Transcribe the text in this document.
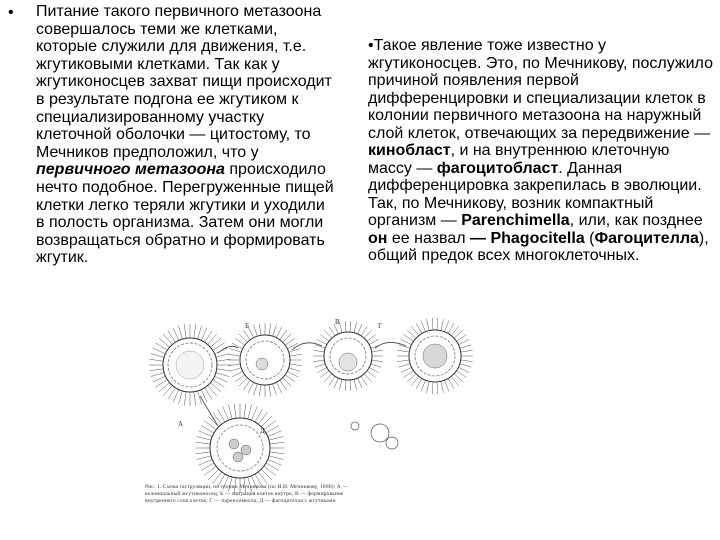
• Питание такого первичного метазоона совершалось теми же клетками, которые служили для движения, т.е. жгутиковыми клетками. Так как у жгутиконосцев захват пищи происходит в результате подгона ее жгутиком к специализированному участку клеточной оболочки — цитостому, то Мечников предположил, что у первичного метазоона происходило нечто подобное. Перегруженные пищей клетки легко теряли жгутики и уходили в полость организма. Затем они могли возвращаться обратно и формировать жгутик.
•Такое явление тоже известно у жгутиконосцев. Это, по Мечникову, послужило причиной появления первой дифференцировки и специализации клеток в колонии первичного метазоона на наружный слой клеток, отвечающих за передвижение — кинобласт, и на внутреннюю клеточную массу — фагоцитобласт. Данная дифференцировка закрепилась в эволюции. Так, по Мечникову, возник компактный организм — Parenchimella, или, как позднее он ее назвал — Phagocitella (Фагоцителла), общий предок всех многоклеточных.
А
Б	В	Г
Д
Рис. 1. Схема гаструляции, по теории Мечникова (по И.И. Мечникову, 1886): А — колониальный жгутиконосец; Б — миграция клеток внутрь; В — формирование внутреннего слоя клеток; Г — паренхимелла; Д — фагоцителла с жгутиками
